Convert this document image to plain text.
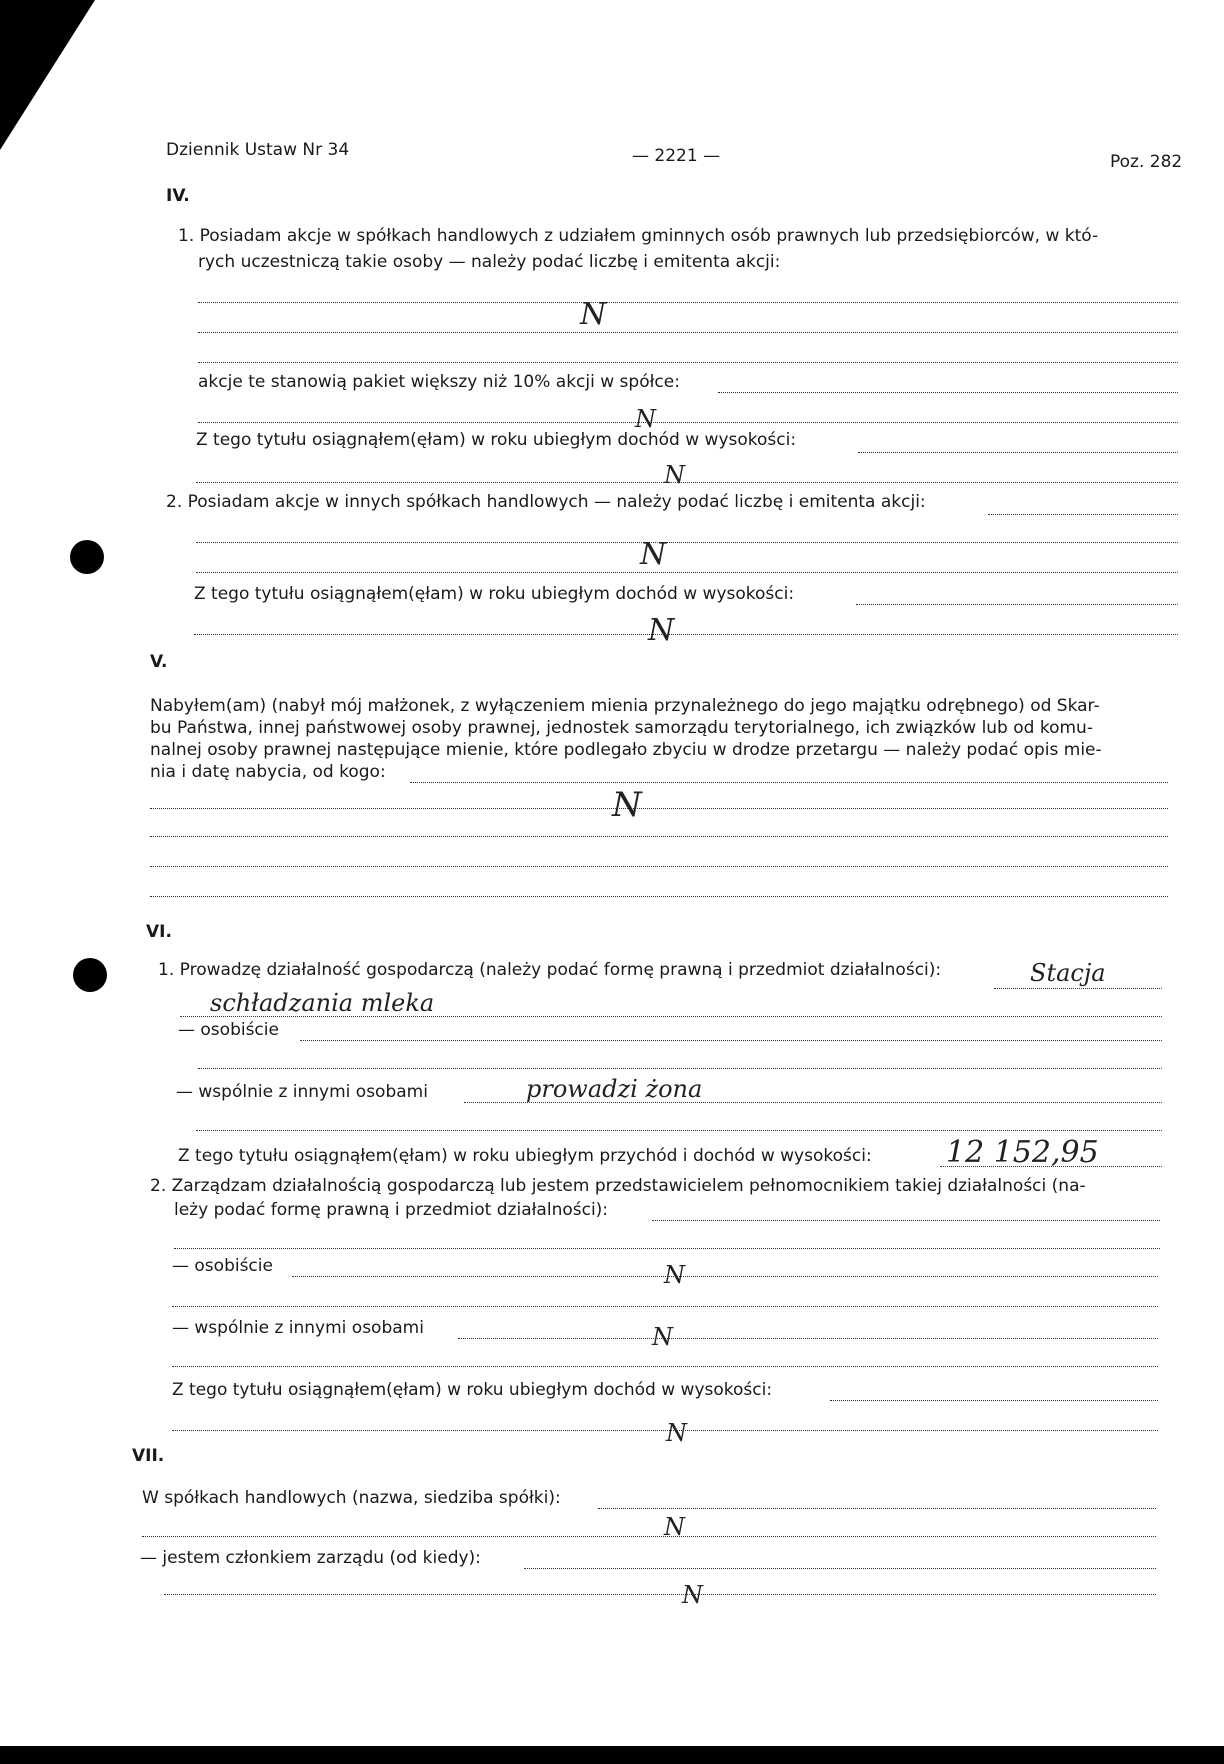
Dziennik Ustaw Nr 34	— 2221 —	Poz. 282
IV.
1. Posiadam akcje w spółkach handlowych z udziałem gminnych osób prawnych lub przedsiębiorców, w któ-
rych uczestniczą takie osoby — należy podać liczbę i emitenta akcji:
N
akcje te stanowią pakiet większy niż 10% akcji w spółce:
N
Z tego tytułu osiągnąłem(ęłam) w roku ubiegłym dochód w wysokości:
N
2. Posiadam akcje w innych spółkach handlowych — należy podać liczbę i emitenta akcji:
N
Z tego tytułu osiągnąłem(ęłam) w roku ubiegłym dochód w wysokości:
N
V.
Nabyłem(am) (nabył mój małżonek, z wyłączeniem mienia przynależnego do jego majątku odrębnego) od Skar-
bu Państwa, innej państwowej osoby prawnej, jednostek samorządu terytorialnego, ich związków lub od komu-
nalnej osoby prawnej następujące mienie, które podlegało zbyciu w drodze przetargu — należy podać opis mie-
nia i datę nabycia, od kogo:
N
VI.
1. Prowadzę działalność gospodarczą (należy podać formę prawną i przedmiot działalności):	Stacja
schładzania mleka
— osobiście
— wspólnie z innymi osobami	prowadzi żona
Z tego tytułu osiągnąłem(ęłam) w roku ubiegłym przychód i dochód w wysokości: 12 152,95
2. Zarządzam działalnością gospodarczą lub jestem przedstawicielem pełnomocnikiem takiej działalności (na-
leży podać formę prawną i przedmiot działalności):
— osobiście	N
— wspólnie z innymi osobami	N
Z tego tytułu osiągnąłem(ęłam) w roku ubiegłym dochód w wysokości:
N
VII.
W spółkach handlowych (nazwa, siedziba spółki):
N
— jestem członkiem zarządu (od kiedy):
N
